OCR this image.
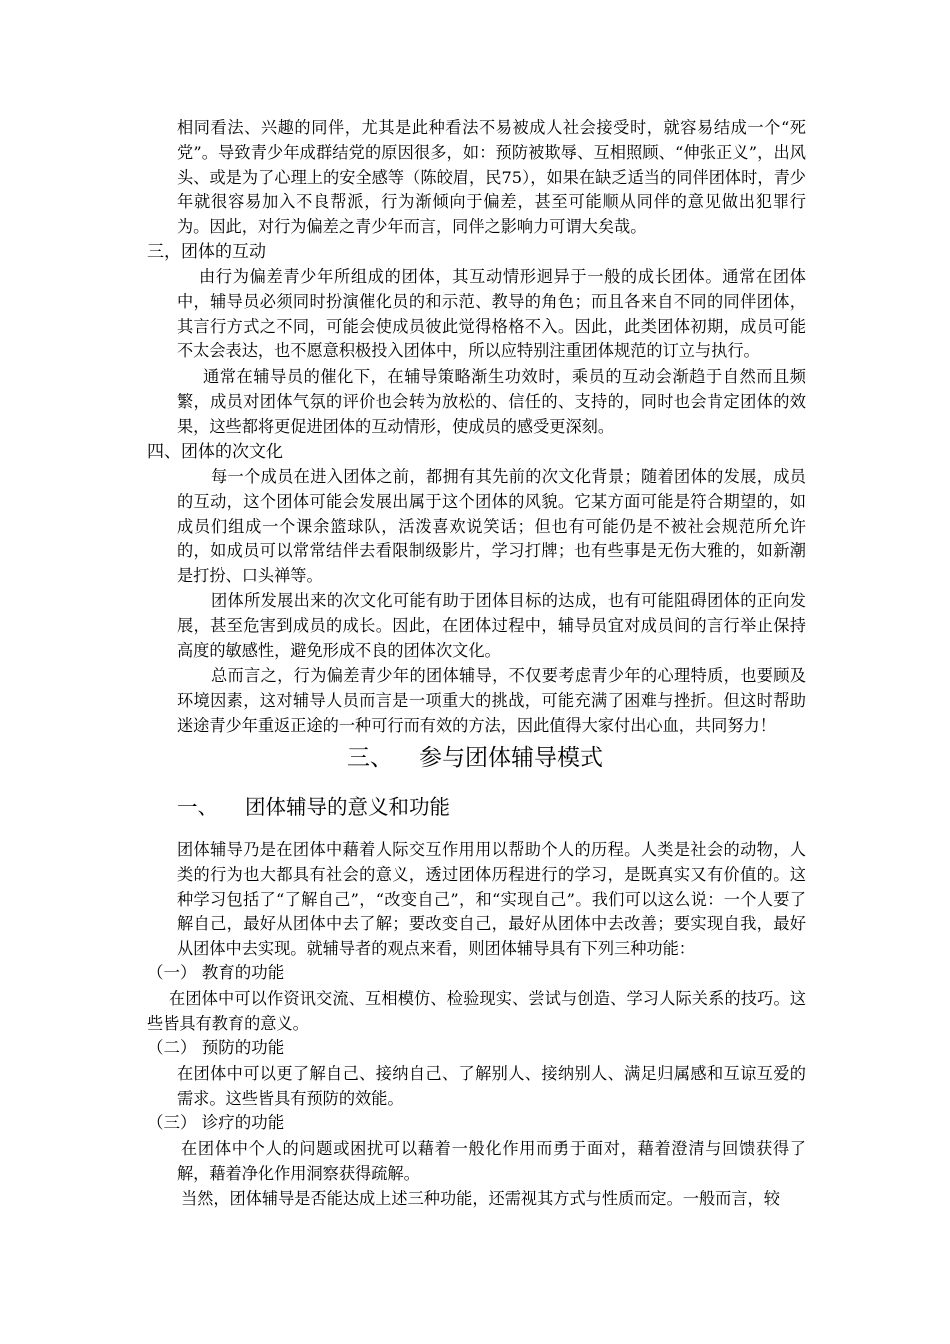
相同看法、兴趣的同伴，尤其是此种看法不易被成人社会接受时，就容易结成一个“死党”。导致青少年成群结党的原因很多，如：预防被欺辱、互相照顾、“伸张正义”，出风头、或是为了心理上的安全感等（陈皎眉，民75），如果在缺乏适当的同伴团体时，青少年就很容易加入不良帮派，行为渐倾向于偏差，甚至可能顺从同伴的意见做出犯罪行为。因此，对行为偏差之青少年而言，同伴之影响力可谓大矣哉。

三，团体的互动

由行为偏差青少年所组成的团体，其互动情形迥异于一般的成长团体。通常在团体中，辅导员必须同时扮演催化员的和示范、教导的角色；而且各来自不同的同伴团体，其言行方式之不同，可能会使成员彼此觉得格格不入。因此，此类团体初期，成员可能不太会表达，也不愿意积极投入团体中，所以应特别注重团体规范的订立与执行。

通常在辅导员的催化下，在辅导策略渐生功效时，乘员的互动会渐趋于自然而且频繁，成员对团体气氛的评价也会转为放松的、信任的、支持的，同时也会肯定团体的效果，这些都将更促进团体的互动情形，使成员的感受更深刻。

四、团体的次文化

每一个成员在进入团体之前，都拥有其先前的次文化背景；随着团体的发展，成员的互动，这个团体可能会发展出属于这个团体的风貌。它某方面可能是符合期望的，如成员们组成一个课余篮球队，活泼喜欢说笑话；但也有可能仍是不被社会规范所允许的，如成员可以常常结伴去看限制级影片，学习打牌；也有些事是无伤大雅的，如新潮是打扮、口头禅等。

团体所发展出来的次文化可能有助于团体目标的达成，也有可能阻碍团体的正向发展，甚至危害到成员的成长。因此，在团体过程中，辅导员宜对成员间的言行举止保持高度的敏感性，避免形成不良的团体次文化。

总而言之，行为偏差青少年的团体辅导，不仅要考虑青少年的心理特质，也要顾及环境因素，这对辅导人员而言是一项重大的挑战，可能充满了困难与挫折。但这时帮助迷途青少年重返正途的一种可行而有效的方法，因此值得大家付出心血，共同努力！

三、 参与团体辅导模式
一、 团体辅导的意义和功能

团体辅导乃是在团体中藉着人际交互作用用以帮助个人的历程。人类是社会的动物，人类的行为也大都具有社会的意义，透过团体历程进行的学习，是既真实又有价值的。这种学习包括了“了解自己”，“改变自己”，和“实现自己”。我们可以这么说：一个人要了解自己，最好从团体中去了解；要改变自己，最好从团体中去改善；要实现自我，最好从团体中去实现。就辅导者的观点来看，则团体辅导具有下列三种功能：

（一） 教育的功能

在团体中可以作资讯交流、互相模仿、检验现实、尝试与创造、学习人际关系的技巧。这些皆具有教育的意义。

（二） 预防的功能

在团体中可以更了解自己、接纳自己、了解别人、接纳别人、满足归属感和互谅互爱的需求。这些皆具有预防的效能。

（三） 诊疗的功能

在团体中个人的问题或困扰可以藉着一般化作用而勇于面对，藉着澄清与回馈获得了解，藉着净化作用洞察获得疏解。

当然，团体辅导是否能达成上述三种功能，还需视其方式与性质而定。一般而言，较
